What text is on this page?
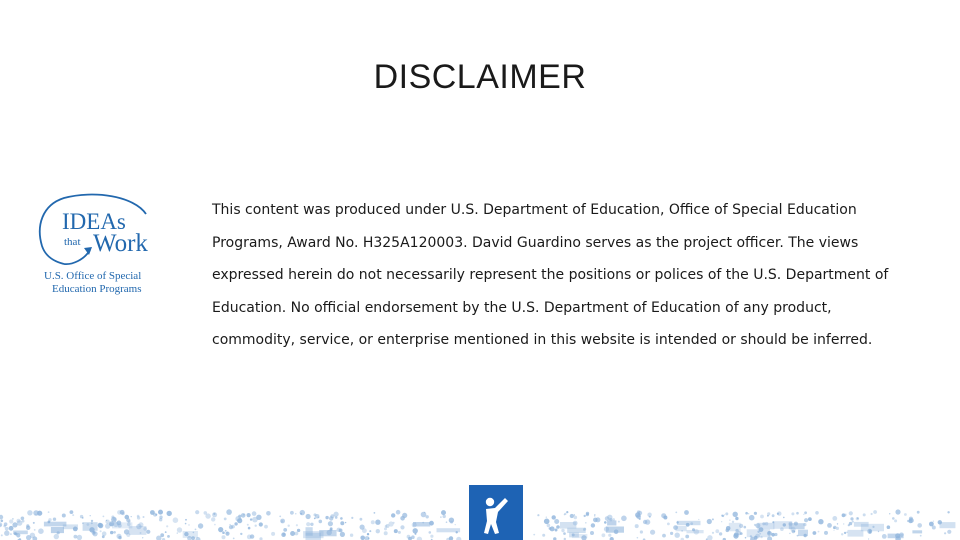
DISCLAIMER
IDEAs
that Work
U.S. Office of Special
Education Programs

This content was produced under U.S. Department of Education, Office of Special Education Programs, Award No. H325A120003. David Guardino serves as the project officer. The views expressed herein do not necessarily represent the positions or polices of the U.S. Department of Education. No official endorsement by the U.S. Department of Education of any product, commodity, service, or enterprise mentioned in this website is intended or should be inferred.
